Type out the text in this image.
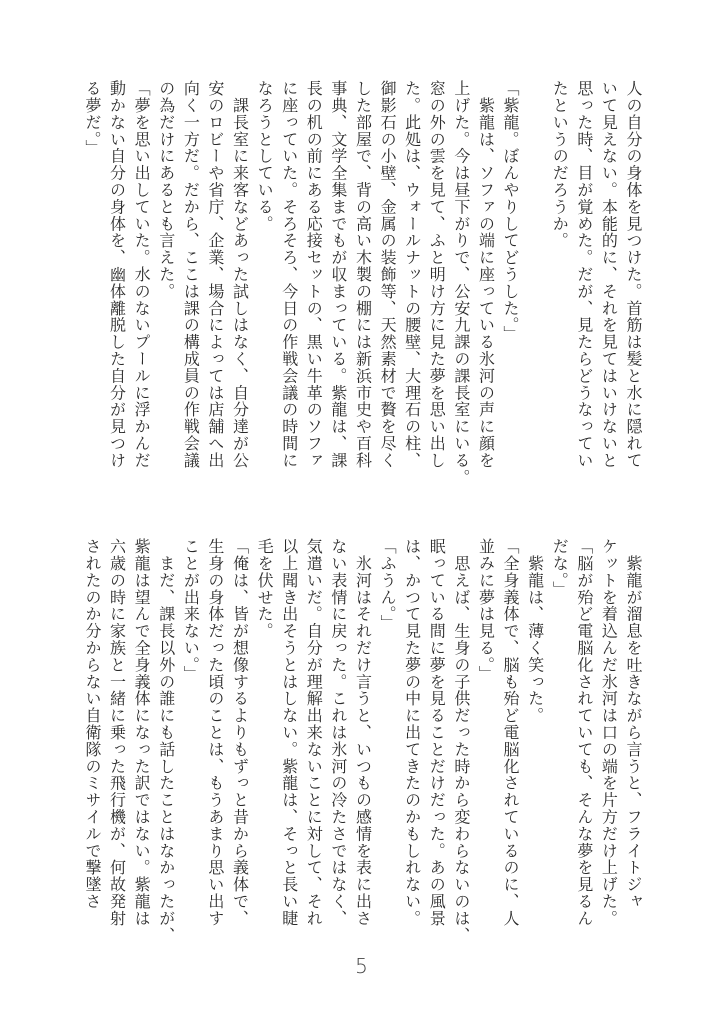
人の自分の身体を見つけた。首筋は髪と水に隠れて
いて見えない。本能的に、それを見てはいけないと
思った時、目が覚めた。だが、見たらどうなってい
たというのだろうか。
「紫龍。ぼんやりしてどうした。」
　紫龍は、ソファの端に座っている氷河の声に顔を
上げた。今は昼下がりで、公安九課の課長室にいる。
窓の外の雲を見て、ふと明け方に見た夢を思い出し
た。此処は、ウォールナットの腰壁、大理石の柱、
御影石の小壁、金属の装飾等、天然素材で贅を尽く
した部屋で、背の高い木製の棚には新浜市史や百科
事典、文学全集までもが収まっている。紫龍は、課
長の机の前にある応接セットの、黒い牛革のソファ
に座っていた。そろそろ、今日の作戦会議の時間に
なろうとしている。
　課長室に来客などあった試しはなく、自分達が公
安のロビーや省庁、企業、場合によっては店舗へ出
向く一方だ。だから、ここは課の構成員の作戦会議
の為だけにあるとも言えた。
「夢を思い出していた。水のないプールに浮かんだ
動かない自分の身体を、幽体離脱した自分が見つけ
る夢だ。」
　紫龍が溜息を吐きながら言うと、フライトジャ
ケットを着込んだ氷河は口の端を片方だけ上げた。
「脳が殆ど電脳化されていても、そんな夢を見るん
だな。」
　紫龍は、薄く笑った。
「全身義体で、脳も殆ど電脳化されているのに、人
並みに夢は見る。」
　思えば、生身の子供だった時から変わらないのは、
眠っている間に夢を見ることだけだった。あの風景
は、かつて見た夢の中に出てきたのかもしれない。
「ふうん。」
　氷河はそれだけ言うと、いつもの感情を表に出さ
ない表情に戻った。これは氷河の冷たさではなく、
気遣いだ。自分が理解出来ないことに対して、それ
以上聞き出そうとはしない。紫龍は、そっと長い睫
毛を伏せた。
「俺は、皆が想像するよりもずっと昔から義体で、
生身の身体だった頃のことは、もうあまり思い出す
ことが出来ない。」
　まだ、課長以外の誰にも話したことはなかったが、
紫龍は望んで全身義体になった訳ではない。紫龍は
六歳の時に家族と一緒に乗った飛行機が、何故発射
されたのか分からない自衛隊のミサイルで撃墜さ
5
